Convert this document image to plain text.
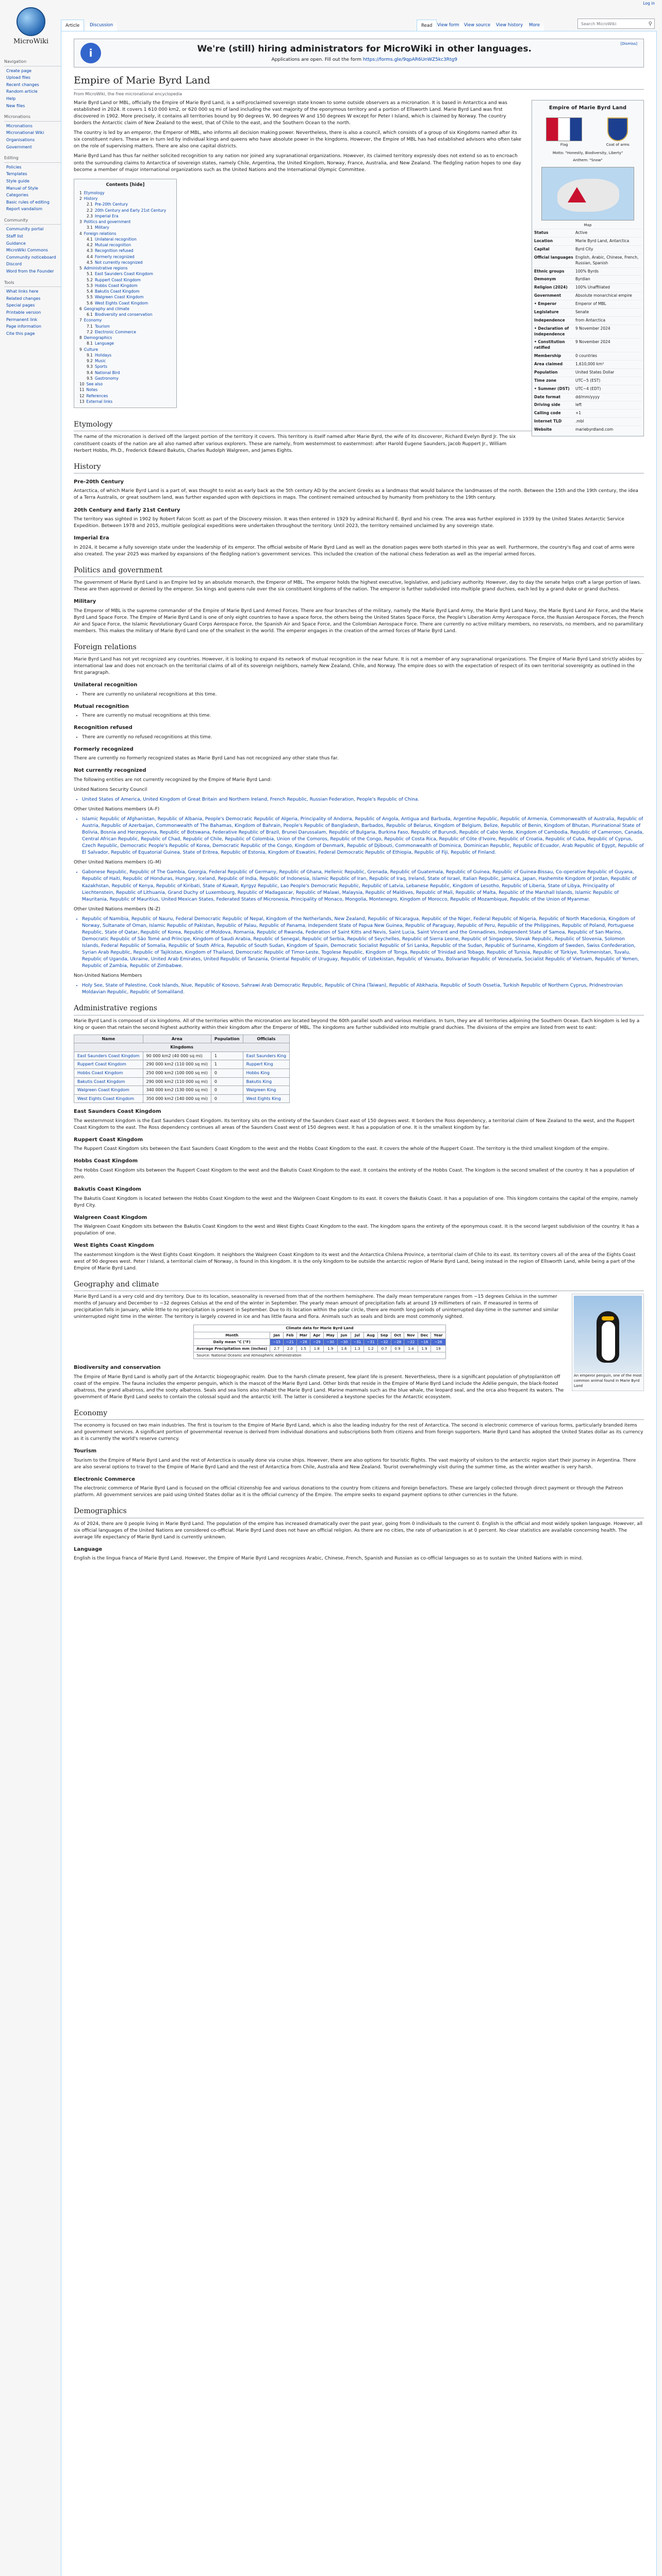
MicroWiki
Log in
Navigation
Create page
Upload files
Recent changes
Random article
Help
New files
Micronations
Micronations
Micronational Wiki
Organisations
Government
Editing
Policies
Templates
Style guide
Manual of Style
Categories
Basic rules of editing
Report vandalism
Community
Community portal
Staff list
Guidance
MicroWiki Commons
Community noticeboard
Discord
Word from the Founder
Tools
What links here
Related changes
Special pages
Printable version
Permanent link
Page information
Cite this page
Article	Discussion	Read	View form	View source	View history	More	Search MicroWiki	⚲
i	We're (still) hiring administrators for MicroWiki in other languages.
Applications are open. Fill out the form https://forms.gle/9qpAR6UnWZ5kc3Rtg9
[Dismiss]
Empire of Marie Byrd Land
From MicroWiki, the free micronational encyclopedia
Empire of Marie Byrd Land
Flag	Coat of arms
Motto: "Honestly, Biodiversity, Liberty"
Anthem: "Snow"
Map
Status	Active
Location	Marie Byrd Land, Antarctica
Capital	Byrd City
Official languages English, Arabic, Chinese, French, Russian, Spanish
Ethnic groups	100% Byrds
Demonym	Byrdian
Religion (2024)	100% Unaffiliated
Government	Absolute monarchical empire
• Emperor	Emperor of MBL
Legislature	Senate
Independence	from Antarctica
• Declaration of independence
9 November 2024
• Constitution ratified
9 November 2024
Membership	0 countries
Area claimed	1,610,000 km²
Population	United States Dollar
Time zone	UTC−5 (EST)
• Summer (DST)	UTC−4 (EDT)
Date format	dd/mm/yyyy
Driving side	left
Calling code	+1
Internet TLD	.mbl
Website	mariebyrdland.com

Marie Byrd Land or MBL, officially the Empire of Marie Byrd Land, is a self-proclaimed sovereign state known to some outside observers as a micronation. It is based in Antarctica and was established in 2024. It covers 1 610 000 km2, or 620 000 sq mi of land including the vast majority of the eponymous territory and a portion of Ellsworth Land. Marie Byrd Land was first discovered in 1902. More precisely, it contains all territories bound by 90 degrees W, 90 degrees W and 150 degrees W except for Peter I Island, which is claimed by Norway. The country borders the Antarctic claim of New Zealand to the west, that of Chile to the east, and the Southern Ocean to the north.

The country is led by an emperor, the Emperor of MBL, who informs all decision making power. Nevertheless, there is also a council, which consists of a group of six Kingdoms named after its six constituent rulers. These are in turn led by individual kings and queens who have absolute power in the kingdoms. However, the Empire of MBL has had established advisors who often take on the role of supervising matters. There are also one capital districts.

Marie Byrd Land has thus far neither solicited recognition to any nation nor joined any supranational organizations. However, its claimed territory expressly does not extend so as to encroach onto the surrounding claims to Antarctica of sovereign states, namely Chile, Argentina, the United Kingdom, Norway, France, Australia, and New Zealand. The fledgling nation hopes to one day become a member of major international organizations such as the United Nations and the International Olympic Committee.

Contents [hide]
1 Etymology
2 History
2.1 Pre-20th Century
2.2 20th Century and Early 21st Century
2.3 Imperial Era
3 Politics and government
3.1 Military
4 Foreign relations
4.1 Unilateral recognition
4.2 Mutual recognition
4.3 Recognition refused
4.4 Formerly recognized
4.5 Not currently recognized
5 Administrative regions
5.1 East Saunders Coast Kingdom
5.2 Ruppert Coast Kingdom
5.3 Hobbs Coast Kingdom
5.4 Bakutis Coast Kingdom
5.5 Walgreen Coast Kingdom
5.6 West Eights Coast Kingdom
6 Geography and climate
6.1 Biodiversity and conservation
7 Economy
7.1 Tourism
7.2 Electronic Commerce
8 Demographics
8.1 Language
9 Culture
9.1 Holidays
9.2 Music
9.3 Sports
9.4 National Bird
9.5 Gastronomy
10 See also
11 Notes
12 References
13 External links
Etymology

The name of the micronation is derived off the largest portion of the territory it covers. This territory is itself named after Marie Byrd, the wife of its discoverer, Richard Evelyn Byrd Jr. The six constituent coasts of the nation are all also named after various explorers. These are namely, from westernmost to easternmost: after Harold Eugene Saunders, Jacob Ruppert Jr., William Herbert Hobbs, Ph.D., Frederick Edward Bakutis, Charles Rudolph Walgreen, and James Eights.

History
Pre-20th Century

Antarctica, of which Marie Byrd Land is a part of, was thought to exist as early back as the 5th century AD by the ancient Greeks as a landmass that would balance the landmasses of the north. Between the 15th and the 19th century, the idea of a Terra Australis, or great southern land, was further expanded upon with depictions in maps. The continent remained untouched by humanity from prehistory to the 19th century.

20th Century and Early 21st Century

The territory was sighted in 1902 by Robert Falcon Scott as part of the Discovery mission. It was then entered in 1929 by admiral Richard E. Byrd and his crew. The area was further explored in 1939 by the United States Antarctic Service Expedition. Between 1978 and 2015, multiple geological expeditions were undertaken throughout the territory. Until 2023, the territory remained unclaimed by any sovereign state.

Imperial Era

In 2024, it became a fully sovereign state under the leadership of its emperor. The official website of Marie Byrd Land as well as the donation pages were both started in this year as well. Furthermore, the country's flag and coat of arms were also created. The year 2025 was marked by expansions of the fledgling nation's government services. This included the creation of the national chess federation as well as the imperial armed forces.

Politics and government

The government of Marie Byrd Land is an Empire led by an absolute monarch, the Emperor of MBL. The emperor holds the highest executive, legislative, and judiciary authority. However, day to day the senate helps craft a large portion of laws. These are then approved or denied by the emperor. Six kings and queens rule over the six constituent kingdoms of the nation. The emperor is further subdivided into multiple grand duchies, each led by a grand duke or grand duchess.

Military

The Emperor of MBL is the supreme commander of the Empire of Marie Byrd Land Armed Forces. There are four branches of the military, namely the Marie Byrd Land Army, the Marie Byrd Land Navy, the Marie Byrd Land Air Force, and the Marie Byrd Land Space Force. The Empire of Marie Byrd Land is one of only eight countries to have a space force, the others being the United States Space Force, the People's Liberation Army Aerospace Force, the Russian Aerospace Forces, the French Air and Space Force, the Islamic Revolutionary Guard Corps Aerospace Force, the Spanish Air and Space Force, and the Colombian Aerospace Force. There are currently no active military members, no reservists, no members, and no paramilitary members. This makes the military of Marie Byrd Land one of the smallest in the world. The emperor engages in the creation of the armed forces of Marie Byrd Land.

Foreign relations

Marie Byrd Land has not yet recognized any countries. However, it is looking to expand its network of mutual recognition in the near future. It is not a member of any supranational organizations. The Empire of Marie Byrd Land strictly abides by international law and does not encroach on the territorial claims of all of its sovereign neighbors, namely New Zealand, Chile, and Norway. The empire does so with the expectation of respect of its own territorial sovereignty as outlined in the first paragraph.

Unilateral recognition
• There are currently no unilateral recognitions at this time.
Mutual recognition
• There are currently no mutual recognitions at this time.
Recognition refused
• There are currently no refused recognitions at this time.
Formerly recognized

There are currently no formerly recognized states as Marie Byrd Land has not recognized any other state thus far.

Not currently recognized

The following entities are not currently recognized by the Empire of Marie Byrd Land:

United Nations Security Council

• United States of America, United Kingdom of Great Britain and Northern Ireland, French Republic, Russian Federation, People's Republic of China.

Other United Nations members (A–F)

• Islamic Republic of Afghanistan, Republic of Albania, People's Democratic Republic of Algeria, Principality of Andorra, Republic of Angola, Antigua and Barbuda, Argentine Republic, Republic of Armenia, Commonwealth of Australia, Republic of Austria, Republic of Azerbaijan, Commonwealth of The Bahamas, Kingdom of Bahrain, People's Republic of Bangladesh, Barbados, Republic of Belarus, Kingdom of Belgium, Belize, Republic of Benin, Kingdom of Bhutan, Plurinational State of Bolivia, Bosnia and Herzegovina, Republic of Botswana, Federative Republic of Brazil, Brunei Darussalam, Republic of Bulgaria, Burkina Faso, Republic of Burundi, Republic of Cabo Verde, Kingdom of Cambodia, Republic of Cameroon, Canada, Central African Republic, Republic of Chad, Republic of Chile, Republic of Colombia, Union of the Comoros, Republic of the Congo, Republic of Costa Rica, Republic of Côte d'Ivoire, Republic of Croatia, Republic of Cuba, Republic of Cyprus, Czech Republic, Democratic People's Republic of Korea, Democratic Republic of the Congo, Kingdom of Denmark, Republic of Djibouti, Commonwealth of Dominica, Dominican Republic, Republic of Ecuador, Arab Republic of Egypt, Republic of El Salvador, Republic of Equatorial Guinea, State of Eritrea, Republic of Estonia, Kingdom of Eswatini, Federal Democratic Republic of Ethiopia, Republic of Fiji, Republic of Finland.

Other United Nations members (G–M)

• Gabonese Republic, Republic of The Gambia, Georgia, Federal Republic of Germany, Republic of Ghana, Hellenic Republic, Grenada, Republic of Guatemala, Republic of Guinea, Republic of Guinea-Bissau, Co-operative Republic of Guyana, Republic of Haiti, Republic of Honduras, Hungary, Iceland, Republic of India, Republic of Indonesia, Islamic Republic of Iran, Republic of Iraq, Ireland, State of Israel, Italian Republic, Jamaica, Japan, Hashemite Kingdom of Jordan, Republic of Kazakhstan, Republic of Kenya, Republic of Kiribati, State of Kuwait, Kyrgyz Republic, Lao People's Democratic Republic, Republic of Latvia, Lebanese Republic, Kingdom of Lesotho, Republic of Liberia, State of Libya, Principality of Liechtenstein, Republic of Lithuania, Grand Duchy of Luxembourg, Republic of Madagascar, Republic of Malawi, Malaysia, Republic of Maldives, Republic of Mali, Republic of Malta, Republic of the Marshall Islands, Islamic Republic of Mauritania, Republic of Mauritius, United Mexican States, Federated States of Micronesia, Principality of Monaco, Mongolia, Montenegro, Kingdom of Morocco, Republic of Mozambique, Republic of the Union of Myanmar.

Other United Nations members (N–Z)

• Republic of Namibia, Republic of Nauru, Federal Democratic Republic of Nepal, Kingdom of the Netherlands, New Zealand, Republic of Nicaragua, Republic of the Niger, Federal Republic of Nigeria, Republic of North Macedonia, Kingdom of Norway, Sultanate of Oman, Islamic Republic of Pakistan, Republic of Palau, Republic of Panama, Independent State of Papua New Guinea, Republic of Paraguay, Republic of Peru, Republic of the Philippines, Republic of Poland, Portuguese Republic, State of Qatar, Republic of Korea, Republic of Moldova, Romania, Republic of Rwanda, Federation of Saint Kitts and Nevis, Saint Lucia, Saint Vincent and the Grenadines, Independent State of Samoa, Republic of San Marino, Democratic Republic of São Tomé and Príncipe, Kingdom of Saudi Arabia, Republic of Senegal, Republic of Serbia, Republic of Seychelles, Republic of Sierra Leone, Republic of Singapore, Slovak Republic, Republic of Slovenia, Solomon Islands, Federal Republic of Somalia, Republic of South Africa, Republic of South Sudan, Kingdom of Spain, Democratic Socialist Republic of Sri Lanka, Republic of the Sudan, Republic of Suriname, Kingdom of Sweden, Swiss Confederation, Syrian Arab Republic, Republic of Tajikistan, Kingdom of Thailand, Democratic Republic of Timor-Leste, Togolese Republic, Kingdom of Tonga, Republic of Trinidad and Tobago, Republic of Tunisia, Republic of Türkiye, Turkmenistan, Tuvalu, Republic of Uganda, Ukraine, United Arab Emirates, United Republic of Tanzania, Oriental Republic of Uruguay, Republic of Uzbekistan, Republic of Vanuatu, Bolivarian Republic of Venezuela, Socialist Republic of Vietnam, Republic of Yemen, Republic of Zambia, Republic of Zimbabwe.

Non-United Nations Members

• Holy See, State of Palestine, Cook Islands, Niue, Republic of Kosovo, Sahrawi Arab Democratic Republic, Republic of China (Taiwan), Republic of Abkhazia, Republic of South Ossetia, Turkish Republic of Northern Cyprus, Pridnestrovian Moldavian Republic, Republic of Somaliland.
Administrative regions

Marie Byrd Land is composed of six kingdoms. All of the territories within the micronation are located beyond the 60th parallel south and various meridians. In turn, they are all territories adjoining the Southern Ocean. Each kingdom is led by a king or queen that retain the second highest authority within their kingdom after the Emperor of MBL. The kingdoms are further subdivided into multiple grand duchies. The divisions of the empire are listed from west to east:

Name	Area	Population	Officials
Kingdoms			
East Saunders Coast Kingdom	90 000 km2 (40 000 sq mi)	1	East Saunders King
Ruppert Coast Kingdom	290 000 km2 (110 000 sq mi)	1	Ruppert King
Hobbs Coast Kingdom	250 000 km2 (100 000 sq mi)	0	Hobbs King
Bakutis Coast Kingdom	290 000 km2 (110 000 sq mi)	0	Bakutis King
Walgreen Coast Kingdom	340 000 km2 (130 000 sq mi)	0	Walgreen King
West Eights Coast Kingdom	350 000 km2 (140 000 sq mi)	0	West Eights King
East Saunders Coast Kingdom

The westernmost kingdom is the East Saunders Coast Kingdom. Its territory sits on the entirety of the Saunders Coast east of 150 degrees west. It borders the Ross dependency, a territorial claim of New Zealand to the west, and the Ruppert Coast Kingdom to the east. The Ross dependency continues all areas of the Saunders Coast west of 150 degrees west. It has a population of one. It is the smallest kingdom by far.

Ruppert Coast Kingdom

The Ruppert Coast Kingdom sits between the East Saunders Coast Kingdom to the west and the Hobbs Coast Kingdom to the east. It covers the whole of the Ruppert Coast. The territory is the third smallest kingdom of the empire.

Hobbs Coast Kingdom

The Hobbs Coast Kingdom sits between the Ruppert Coast Kingdom to the west and the Bakutis Coast Kingdom to the east. It contains the entirety of the Hobbs Coast. The kingdom is the second smallest of the country. It has a population of zero.

Bakutis Coast Kingdom

The Bakutis Coast Kingdom is located between the Hobbs Coast Kingdom to the west and the Walgreen Coast Kingdom to its east. It covers the Bakutis Coast. It has a population of one. This kingdom contains the capital of the empire, namely Byrd City.

Walgreen Coast Kingdom

The Walgreen Coast Kingdom sits between the Bakutis Coast Kingdom to the west and West Eights Coast Kingdom to the east. The kingdom spans the entirety of the eponymous coast. It is the second largest subdivision of the country. It has a population of one.

West Eights Coast Kingdom

The easternmost kingdom is the West Eights Coast Kingdom. It neighbors the Walgreen Coast Kingdom to its west and the Antarctica Chilena Province, a territorial claim of Chile to its east. Its territory covers all of the area of the Eights Coast west of 90 degrees west. Peter I Island, a territorial claim of Norway, is found in this kingdom. It is the only kingdom to be outside the antarctic region of Marie Byrd Land, being instead in the region of Ellsworth Land, while being a part of the Empire of Marie Byrd Land.

Geography and climate
An emperor penguin, one of the most common animal found in Marie Byrd Land

Marie Byrd Land is a very cold and dry territory. Due to its location, seasonality is reversed from that of the northern hemisphere. The daily mean temperature ranges from −15 degrees Celsius in the summer months of January and December to −32 degrees Celsius at the end of the winter in September. The yearly mean amount of precipitation falls at around 19 millimeters of rain. If measured in terms of precipitation falls in January, while little to no precipitation is present in September. Due to its location within the polar circle, there are month long periods of uninterrupted day-time in the summer and similar uninterrupted night time in the winter. The territory is largely covered in ice and has little fauna and flora. Animals such as seals and birds are most commonly sighted.

Climate data for Marie Byrd Land													
Month	Jan	Feb	Mar	Apr	May	Jun	Jul	Aug	Sep	Oct	Nov	Dec	Year
Daily mean °C (°F)	−15	−21	−26	−29	−30	−30	−31	−31	−32	−28	−22	−16	−26
Average Precipitation mm (inches)	2.7	2.0	1.5	1.8	1.9	1.6	1.3	1.2	0.7	0.9	1.4	1.9	19
Source: National Oceanic and Atmospheric Administration													
Biodiversity and conservation

The Empire of Marie Byrd Land is wholly part of the Antarctic biogeographic realm. Due to the harsh climate present, few plant life is present. Nevertheless, there is a significant population of phytoplankton off coast of the empire. The fauna includes the emperor penguin, which is the mascot of the Marie Byrd Land. Other birds that reside in the Empire of Marie Byrd Land include the Adélie penguin, the black-footed albatross, the grand albatross, and the sooty albatross. Seals and sea lions also inhabit the Marie Byrd Land. Marine mammals such as the blue whale, the leopard seal, and the orca also frequent its waters. The government of Marie Byrd Land seeks to contain the colossal squid and the antarctic krill. The latter is considered a keystone species for the Antarctic ecosystem.

Economy

The economy is focused on two main industries. The first is tourism to the Empire of Marie Byrd Land, which is also the leading industry for the rest of Antarctica. The second is electronic commerce of various forms, particularly branded items and government services. A significant portion of governmental revenue is derived from individual donations and subscriptions both from citizens and from foreign supporters. Marie Byrd Land has adopted the United States dollar as its currency as it is currently the world's reserve currency.

Tourism

Tourism to the Empire of Marie Byrd Land and the rest of Antarctica is usually done via cruise ships. However, there are also options for touristic flights. The vast majority of visitors to the antarctic region start their journey in Argentina. There are also several options to travel to the Empire of Marie Byrd Land and the rest of Antarctica from Chile, Australia and New Zealand. Tourist overwhelmingly visit during the summer time, as the winter weather is very harsh.

Electronic Commerce

The electronic commerce of Marie Byrd Land is focused on the official citizenship fee and various donations to the country from citizens and foreign benefactors. These are largely collected through direct payment or through the Patreon platform. All government services are paid using United States dollar as it is the official currency of the Empire. The empire seeks to expand payment options to other currencies in the future.

Demographics

As of 2024, there are 0 people living in Marie Byrd Land. The population of the empire has increased dramatically over the past year, going from 0 individuals to the current 0. English is the official and most widely spoken language. However, all six official languages of the United Nations are considered co-official. Marie Byrd Land does not have an official religion. As there are no cities, the rate of urbanization is at 0 percent. No clear statistics are available concerning health. The average life expectancy of Marie Byrd Land is currently unknown.

Language

English is the lingua franca of Marie Byrd Land. However, the Empire of Marie Byrd Land recognizes Arabic, Chinese, French, Spanish and Russian as co-official languages so as to sustain the United Nations with in mind.
